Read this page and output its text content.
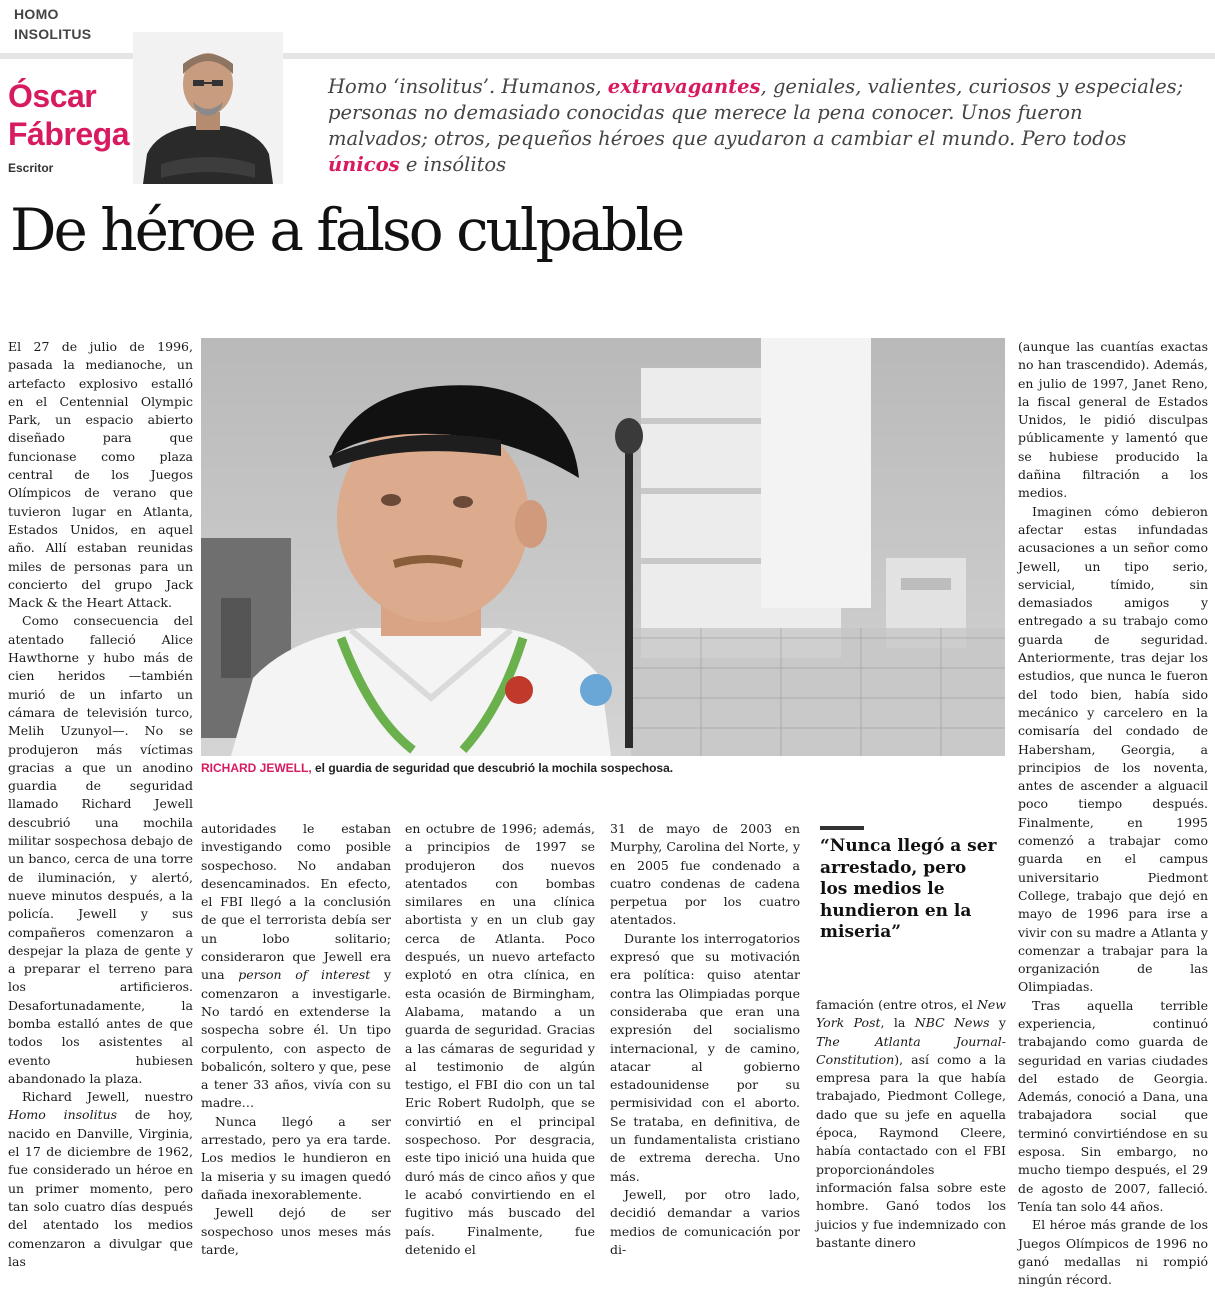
HOMO
INSOLITUS
Óscar
Fábrega
Escritor
Homo ‘insolitus’. Humanos, extravagantes, geniales, valientes, curiosos y especiales; personas no demasiado conocidas que merece la pena conocer. Unos fueron malvados; otros, pequeños héroes que ayudaron a cambiar el mundo. Pero todos únicos e insólitos
De héroe a falso culpable
RICHARD JEWELL, el guardia de seguridad que descubrió la mochila sospechosa.

El 27 de julio de 1996, pasada la medianoche, un artefacto explosivo estalló en el Centennial Olympic Park, un espacio abierto diseñado para que funcionase como plaza central de los Juegos Olímpicos de verano que tuvieron lugar en Atlanta, Estados Unidos, en aquel año. Allí estaban reunidas miles de personas para un concierto del grupo Jack Mack & the Heart Attack.

Como consecuencia del atentado falleció Alice Hawthorne y hubo más de cien heridos —también murió de un infarto un cámara de televisión turco, Melih Uzunyol—. No se produjeron más víctimas gracias a que un anodino guardia de seguridad llamado Richard Jewell descubrió una mochila militar sospechosa debajo de un banco, cerca de una torre de iluminación, y alertó, nueve minutos después, a la policía. Jewell y sus compañeros comenzaron a despejar la plaza de gente y a preparar el terreno para los artificieros. Desafortunadamente, la bomba estalló antes de que todos los asistentes al evento hubiesen abandonado la plaza.

Richard Jewell, nuestro Homo insolitus de hoy, nacido en Danville, Virginia, el 17 de diciembre de 1962, fue considerado un héroe en un primer momento, pero tan solo cuatro días después del atentado los medios comenzaron a divulgar que las

autoridades le estaban investigando como posible sospechoso. No andaban desencaminados. En efecto, el FBI llegó a la conclusión de que el terrorista debía ser un lobo solitario; consideraron que Jewell era una person of interest y comenzaron a investigarle. No tardó en extenderse la sospecha sobre él. Un tipo corpulento, con aspecto de bobalicón, soltero y que, pese a tener 33 años, vivía con su madre…

Nunca llegó a ser arrestado, pero ya era tarde. Los medios le hundieron en la miseria y su imagen quedó dañada inexorablemente.

Jewell dejó de ser sospechoso unos meses más tarde,

en octubre de 1996; además, a principios de 1997 se produjeron dos nuevos atentados con bombas similares en una clínica abortista y en un club gay cerca de Atlanta. Poco después, un nuevo artefacto explotó en otra clínica, en esta ocasión de Birmingham, Alabama, matando a un guarda de seguridad. Gracias a las cámaras de seguridad y al testimonio de algún testigo, el FBI dio con un tal Eric Robert Rudolph, que se convirtió en el principal sospechoso. Por desgracia, este tipo inició una huida que duró más de cinco años y que le acabó convirtiendo en el fugitivo más buscado del país. Finalmente, fue detenido el

31 de mayo de 2003 en Murphy, Carolina del Norte, y en 2005 fue condenado a cuatro condenas de cadena perpetua por los cuatro atentados.

Durante los interrogatorios expresó que su motivación era política: quiso atentar contra las Olimpiadas porque consideraba que eran una expresión del socialismo internacional, y de camino, atacar al gobierno estadounidense por su permisividad con el aborto. Se trataba, en definitiva, de un fundamentalista cristiano de extrema derecha. Uno más.

Jewell, por otro lado, decidió demandar a varios medios de comunicación por di-

“Nunca llegó a ser arrestado, pero los medios le hundieron en la miseria”

famación (entre otros, el New York Post, la NBC News y The Atlanta Journal-Constitution), así como a la empresa para la que había trabajado, Piedmont College, dado que su jefe en aquella época, Raymond Cleere, había contactado con el FBI proporcionándoles información falsa sobre este hombre. Ganó todos los juicios y fue indemnizado con bastante dinero

(aunque las cuantías exactas no han trascendido). Además, en julio de 1997, Janet Reno, la fiscal general de Estados Unidos, le pidió disculpas públicamente y lamentó que se hubiese producido la dañina filtración a los medios.

Imaginen cómo debieron afectar estas infundadas acusaciones a un señor como Jewell, un tipo serio, servicial, tímido, sin demasiados amigos y entregado a su trabajo como guarda de seguridad. Anteriormente, tras dejar los estudios, que nunca le fueron del todo bien, había sido mecánico y carcelero en la comisaría del condado de Habersham, Georgia, a principios de los noventa, antes de ascender a alguacil poco tiempo después. Finalmente, en 1995 comenzó a trabajar como guarda en el campus universitario Piedmont College, trabajo que dejó en mayo de 1996 para irse a vivir con su madre a Atlanta y comenzar a trabajar para la organización de las Olimpiadas.

Tras aquella terrible experiencia, continuó trabajando como guarda de seguridad en varias ciudades del estado de Georgia. Además, conoció a Dana, una trabajadora social que terminó convirtiéndose en su esposa. Sin embargo, no mucho tiempo después, el 29 de agosto de 2007, falleció. Tenía tan solo 44 años.

El héroe más grande de los Juegos Olímpicos de 1996 no ganó medallas ni rompió ningún récord.
